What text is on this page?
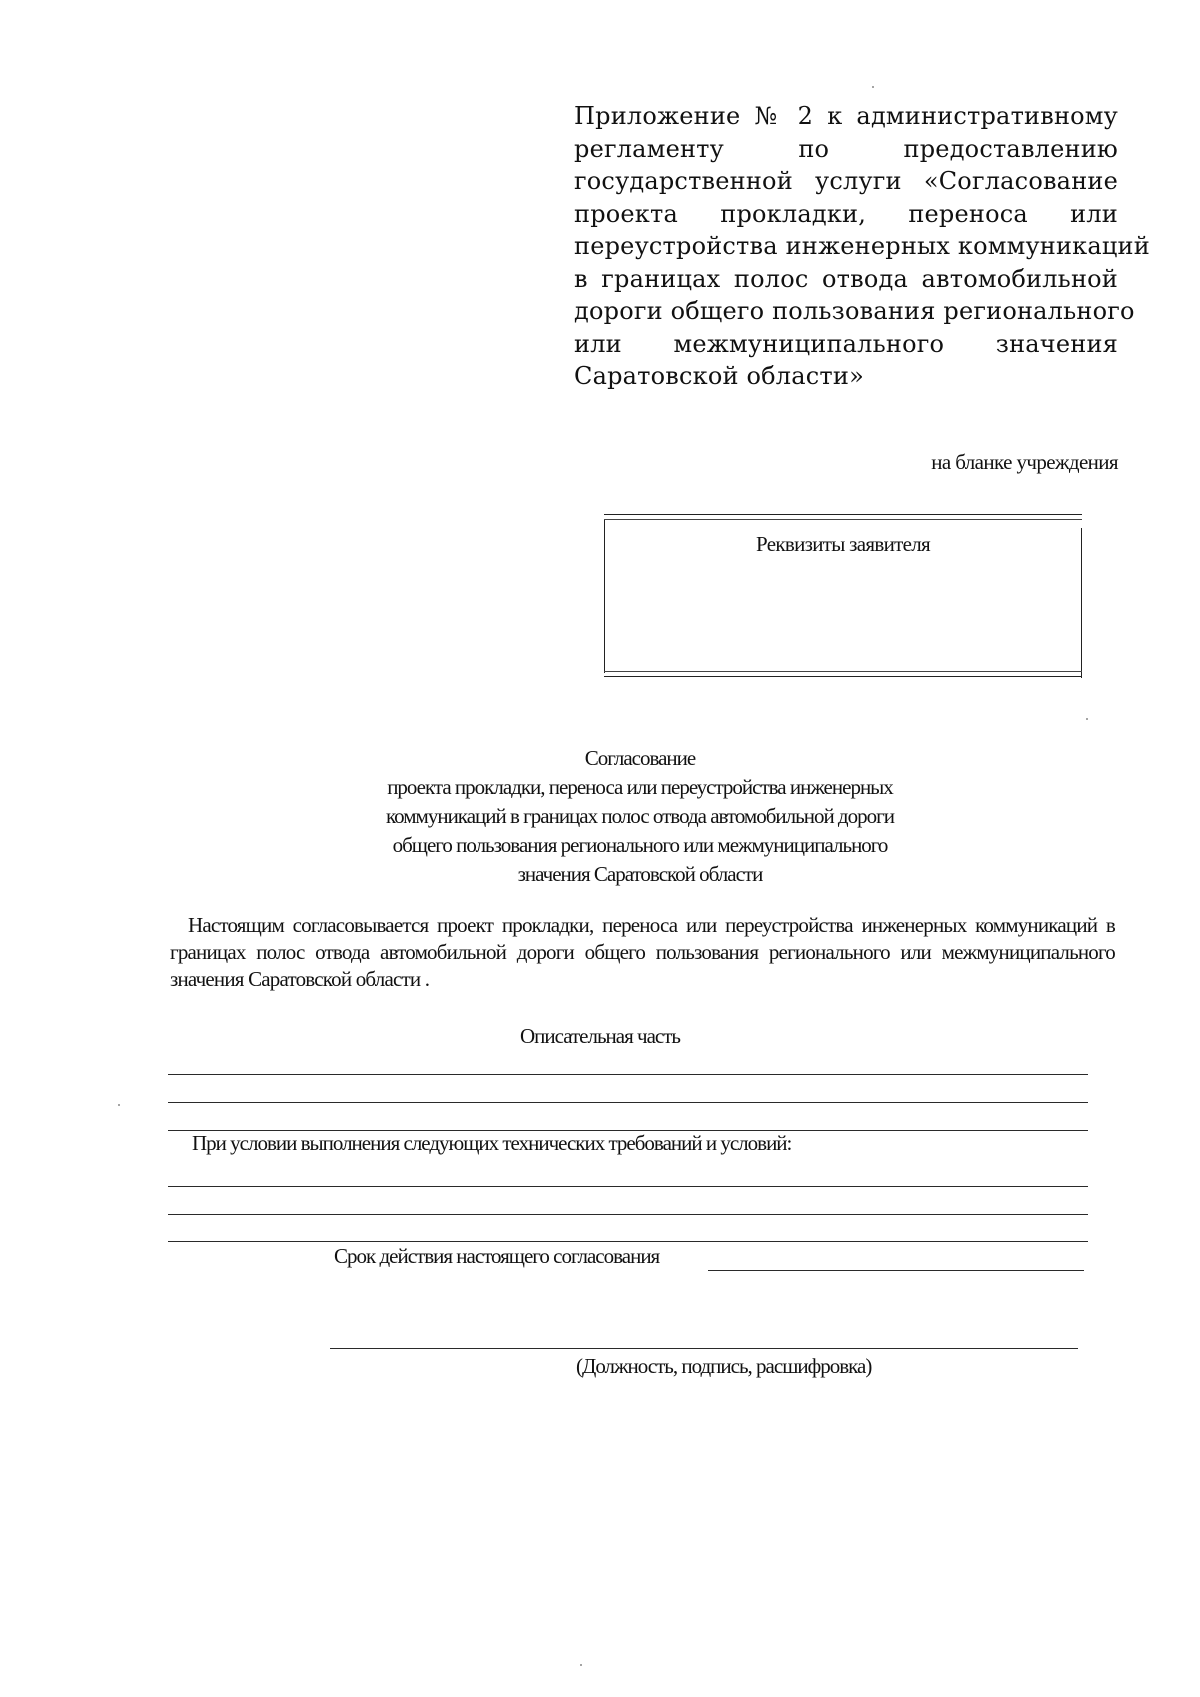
Приложение № 2 к административному
регламенту по предоставлению
государственной услуги «Согласование
проекта прокладки, переноса или
переустройства инженерных коммуникаций
в границах полос отвода автомобильной
дороги общего пользования регионального
или межмуниципального значения
Саратовской области»
на бланке учреждения
Реквизиты заявителя
Согласование
проекта прокладки, переноса или переустройства инженерных
коммуникаций в границах полос отвода автомобильной дороги
общего пользования регионального или межмуниципального
значения Саратовской области
Настоящим согласовывается проект прокладки, переноса или переустройства инженерных коммуникаций в границах полос отвода автомобильной дороги общего пользования регионального или межмуниципального значения Саратовской области .
Описательная часть
При условии выполнения следующих технических требований и условий:
Срок действия настоящего согласования
(Должность, подпись, расшифровка)
